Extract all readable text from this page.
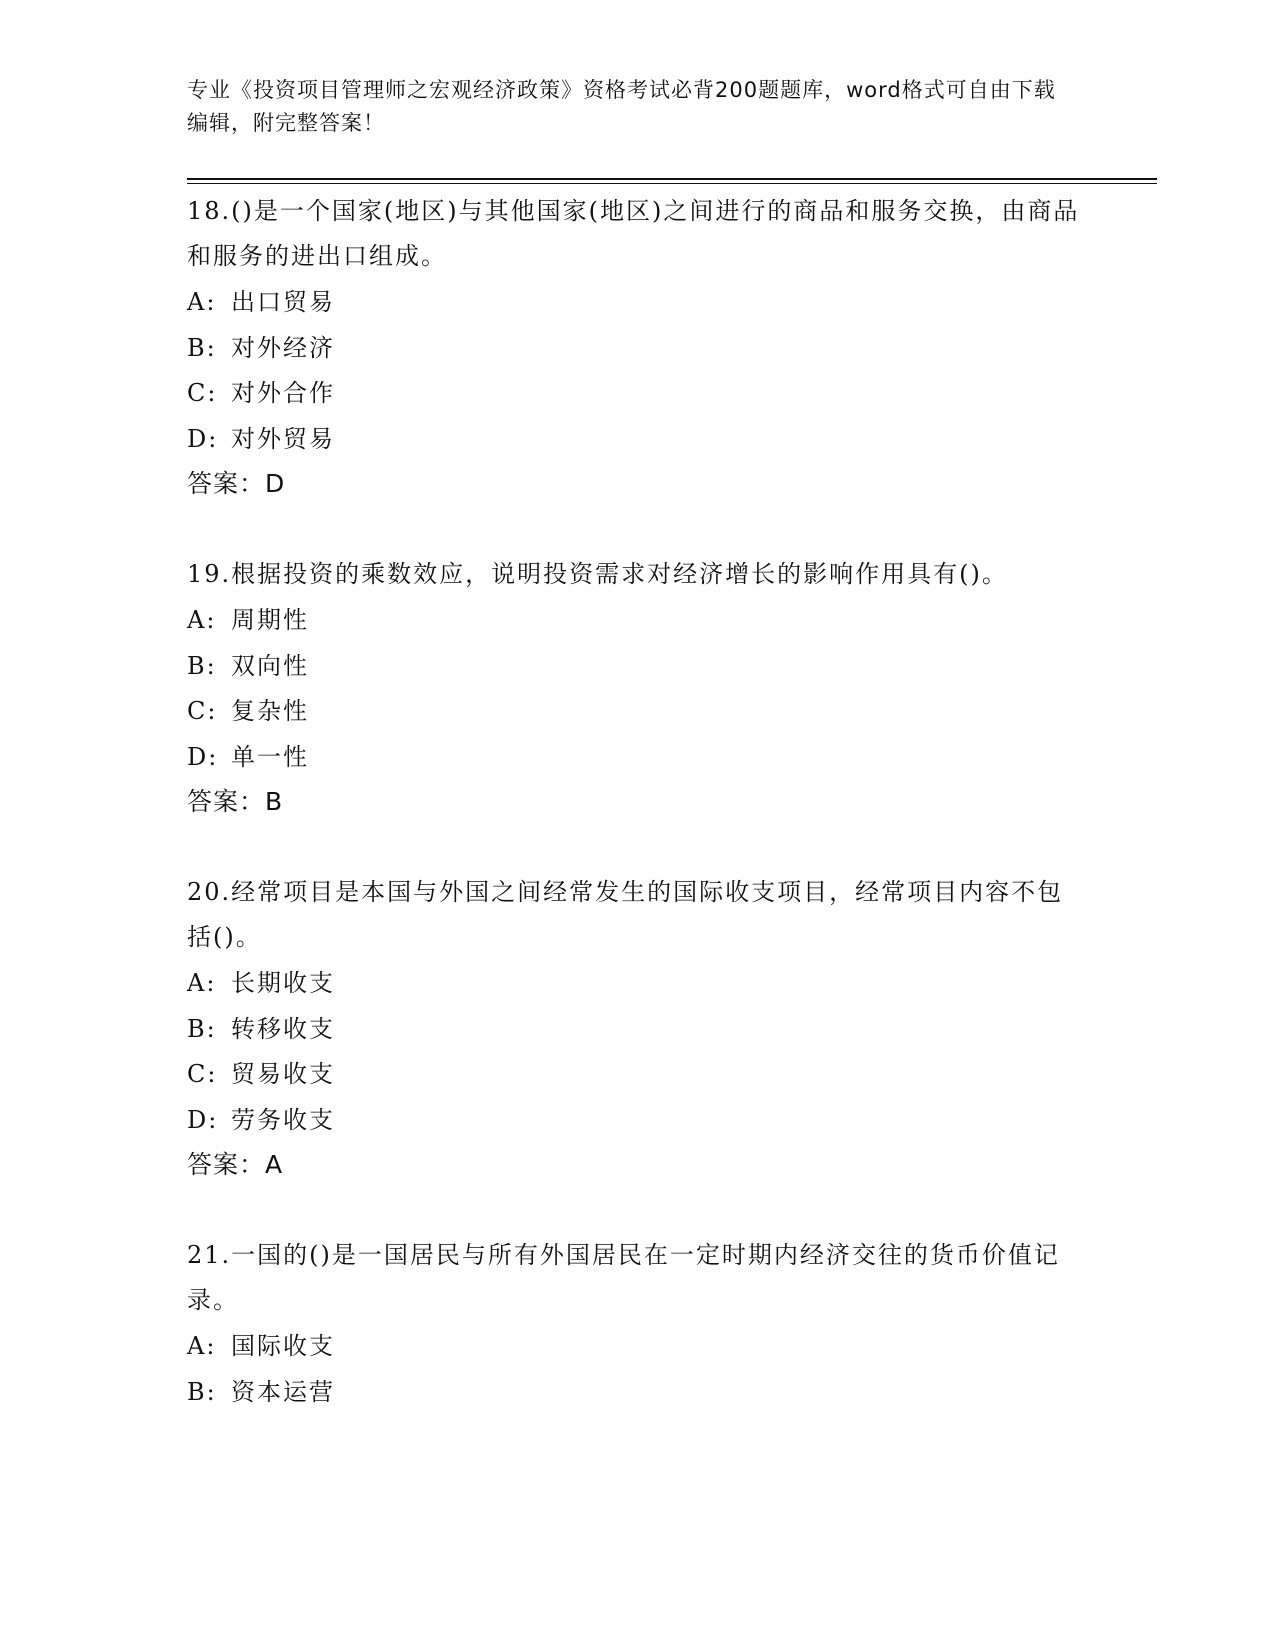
专业《投资项目管理师之宏观经济政策》资格考试必背200题题库，word格式可自由下载编辑，附完整答案！

18.()是一个国家(地区)与其他国家(地区)之间进行的商品和服务交换，由商品和服务的进出口组成。

A: 出口贸易
B: 对外经济
C: 对外合作
D: 对外贸易
答案：D

19.根据投资的乘数效应，说明投资需求对经济增长的影响作用具有()。

A: 周期性
B: 双向性
C: 复杂性
D: 单一性
答案：B

20.经常项目是本国与外国之间经常发生的国际收支项目，经常项目内容不包括()。

A: 长期收支
B: 转移收支
C: 贸易收支
D: 劳务收支
答案：A

21.一国的()是一国居民与所有外国居民在一定时期内经济交往的货币价值记录。

A: 国际收支
B: 资本运营
